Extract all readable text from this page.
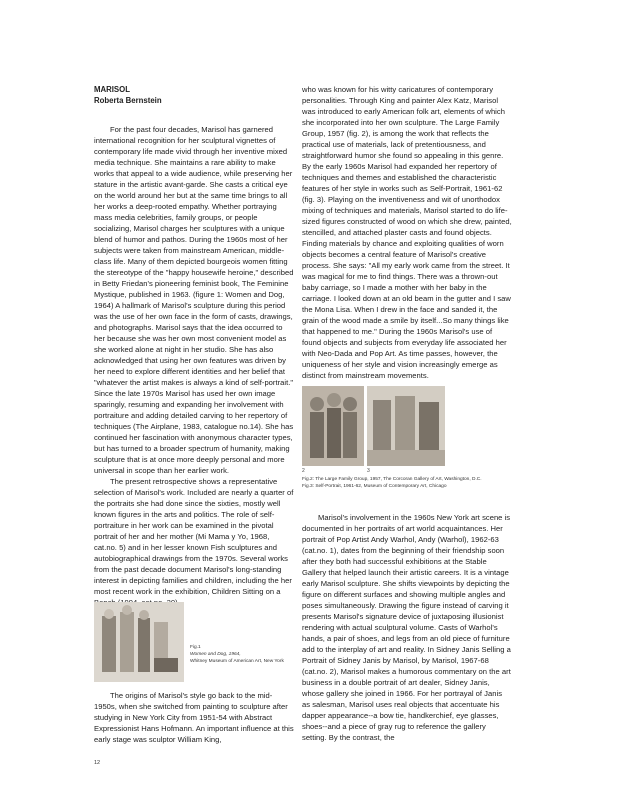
MARISOL
Roberta Bernstein

For the past four decades, Marisol has garnered international recognition for her sculptural vignettes of contemporary life made vivid through her inventive mixed media technique. She maintains a rare ability to make works that appeal to a wide audience, while preserving her stature in the artistic avant-garde. She casts a critical eye on the world around her but at the same time brings to all her works a deep-rooted empathy. Whether portraying mass media celebrities, family groups, or people socializing, Marisol charges her sculptures with a unique blend of humor and pathos. During the 1960s most of her subjects were taken from mainstream American, middle-class life. Many of them depicted bourgeois women fitting the stereotype of the "happy housewife heroine," described in Betty Friedan's pioneering feminist book, The Feminine Mystique, published in 1963. (figure 1: Women and Dog, 1964) A hallmark of Marisol's sculpture during this period was the use of her own face in the form of casts, drawings, and photographs. Marisol says that the idea occurred to her because she was her own most convenient model as she worked alone at night in her studio. She has also acknowledged that using her own features was driven by her need to explore different identities and her belief that "whatever the artist makes is always a kind of self-portrait." Since the late 1970s Marisol has used her own image sparingly, resuming and expanding her involvement with portraiture and adding detailed carving to her repertory of techniques (The Airplane, 1983, catalogue no.14). She has continued her fascination with anonymous character types, but has turned to a broader spectrum of humanity, making sculpture that is at once more deeply personal and more universal in scope than her earlier work.

The present retrospective shows a representative selection of Marisol's work. Included are nearly a quarter of the portraits she had done since the sixties, mostly well known figures in the arts and politics. The role of self-portraiture in her work can be examined in the pivotal portrait of her and her mother (Mi Mama y Yo, 1968, cat.no. 5) and in her lesser known Fish sculptures and autobiographical drawings from the 1970s. Several works from the past decade document Marisol's long-standing interest in depicting families and children, including the her most recent work in the exhibition, Children Sitting on a

Fig.1
Women and Dog, 1964,
Whitney Museum of American Art, New York

The origins of Marisol's style go back to the mid-1950s, when she switched from painting to sculpture after studying in New York City from 1951-54 with Abstract Expressionist Hans Hofmann. An important influence at this early stage was sculptor William King,

who was known for his witty caricatures of contemporary personalities. Through King and painter Alex Katz, Marisol was introduced to early American folk art, elements of which she incorporated into her own sculpture. The Large Family Group, 1957 (fig. 2), is among the work that reflects the practical use of materials, lack of pretentiousness, and straightforward humor she found so appealing in this genre. By the early 1960s Marisol had expanded her repertory of techniques and themes and established the characteristic features of her style in works such as Self-Portrait, 1961-62 (fig. 3). Playing on the inventiveness and wit of unorthodox mixing of techniques and materials, Marisol started to do life-sized figures constructed of wood on which she drew, painted, stencilled, and attached plaster casts and found objects. Finding materials by chance and exploiting qualities of worn objects becomes a central feature of Marisol's creative process. She says: "All my early work came from the street. It was magical for me to find things. There was a thrown-out baby carriage, so I made a mother with her baby in the carriage. I looked down at an old beam in the gutter and I saw the Mona Lisa. When I drew in the face and sanded it, the grain of the wood made a smile by itself...So many things like that happened to me." During the 1960s Marisol's use of found objects and subjects from everyday life associated her with Neo-Dada and Pop Art. As time passes, however, the uniqueness of her style and vision increasingly emerge as distinct from mainstream movements.

2	3
Fig.2: The Large Family Group, 1957, The Corcoran Gallery of Art, Washington, D.C.
Fig.3: Self-Portrait, 1961-62, Museum of Contemporary Art, Chicago

Marisol's involvement in the 1960s New York art scene is documented in her portraits of art world acquaintances. Her portrait of Pop Artist Andy Warhol, Andy (Warhol), 1962-63 (cat.no. 1), dates from the beginning of their friendship soon after they both had successful exhibitions at the Stable Gallery that helped launch their artistic careers. It is a vintage early Marisol sculpture. She shifts viewpoints by depicting the figure on different surfaces and showing multiple angles and poses simultaneously. Drawing the figure instead of carving it presents Marisol's signature device of juxtaposing illusionist rendering with actual sculptural volume. Casts of Warhol's hands, a pair of shoes, and legs from an old piece of furniture add to the interplay of art and reality. In Sidney Janis Selling a Portrait of Sidney Janis by Marisol, by Marisol, 1967-68 (cat.no. 2), Marisol makes a humorous commentary on the art business in a double portrait of art dealer, Sidney Janis, whose gallery she joined in 1966. For her portrayal of Janis as salesman, Marisol uses real objects that accentuate his dapper appearance--a bow tie, handkerchief, eye glasses, shoes--and a piece of gray rug to reference the gallery setting. By the contrast, the

12
